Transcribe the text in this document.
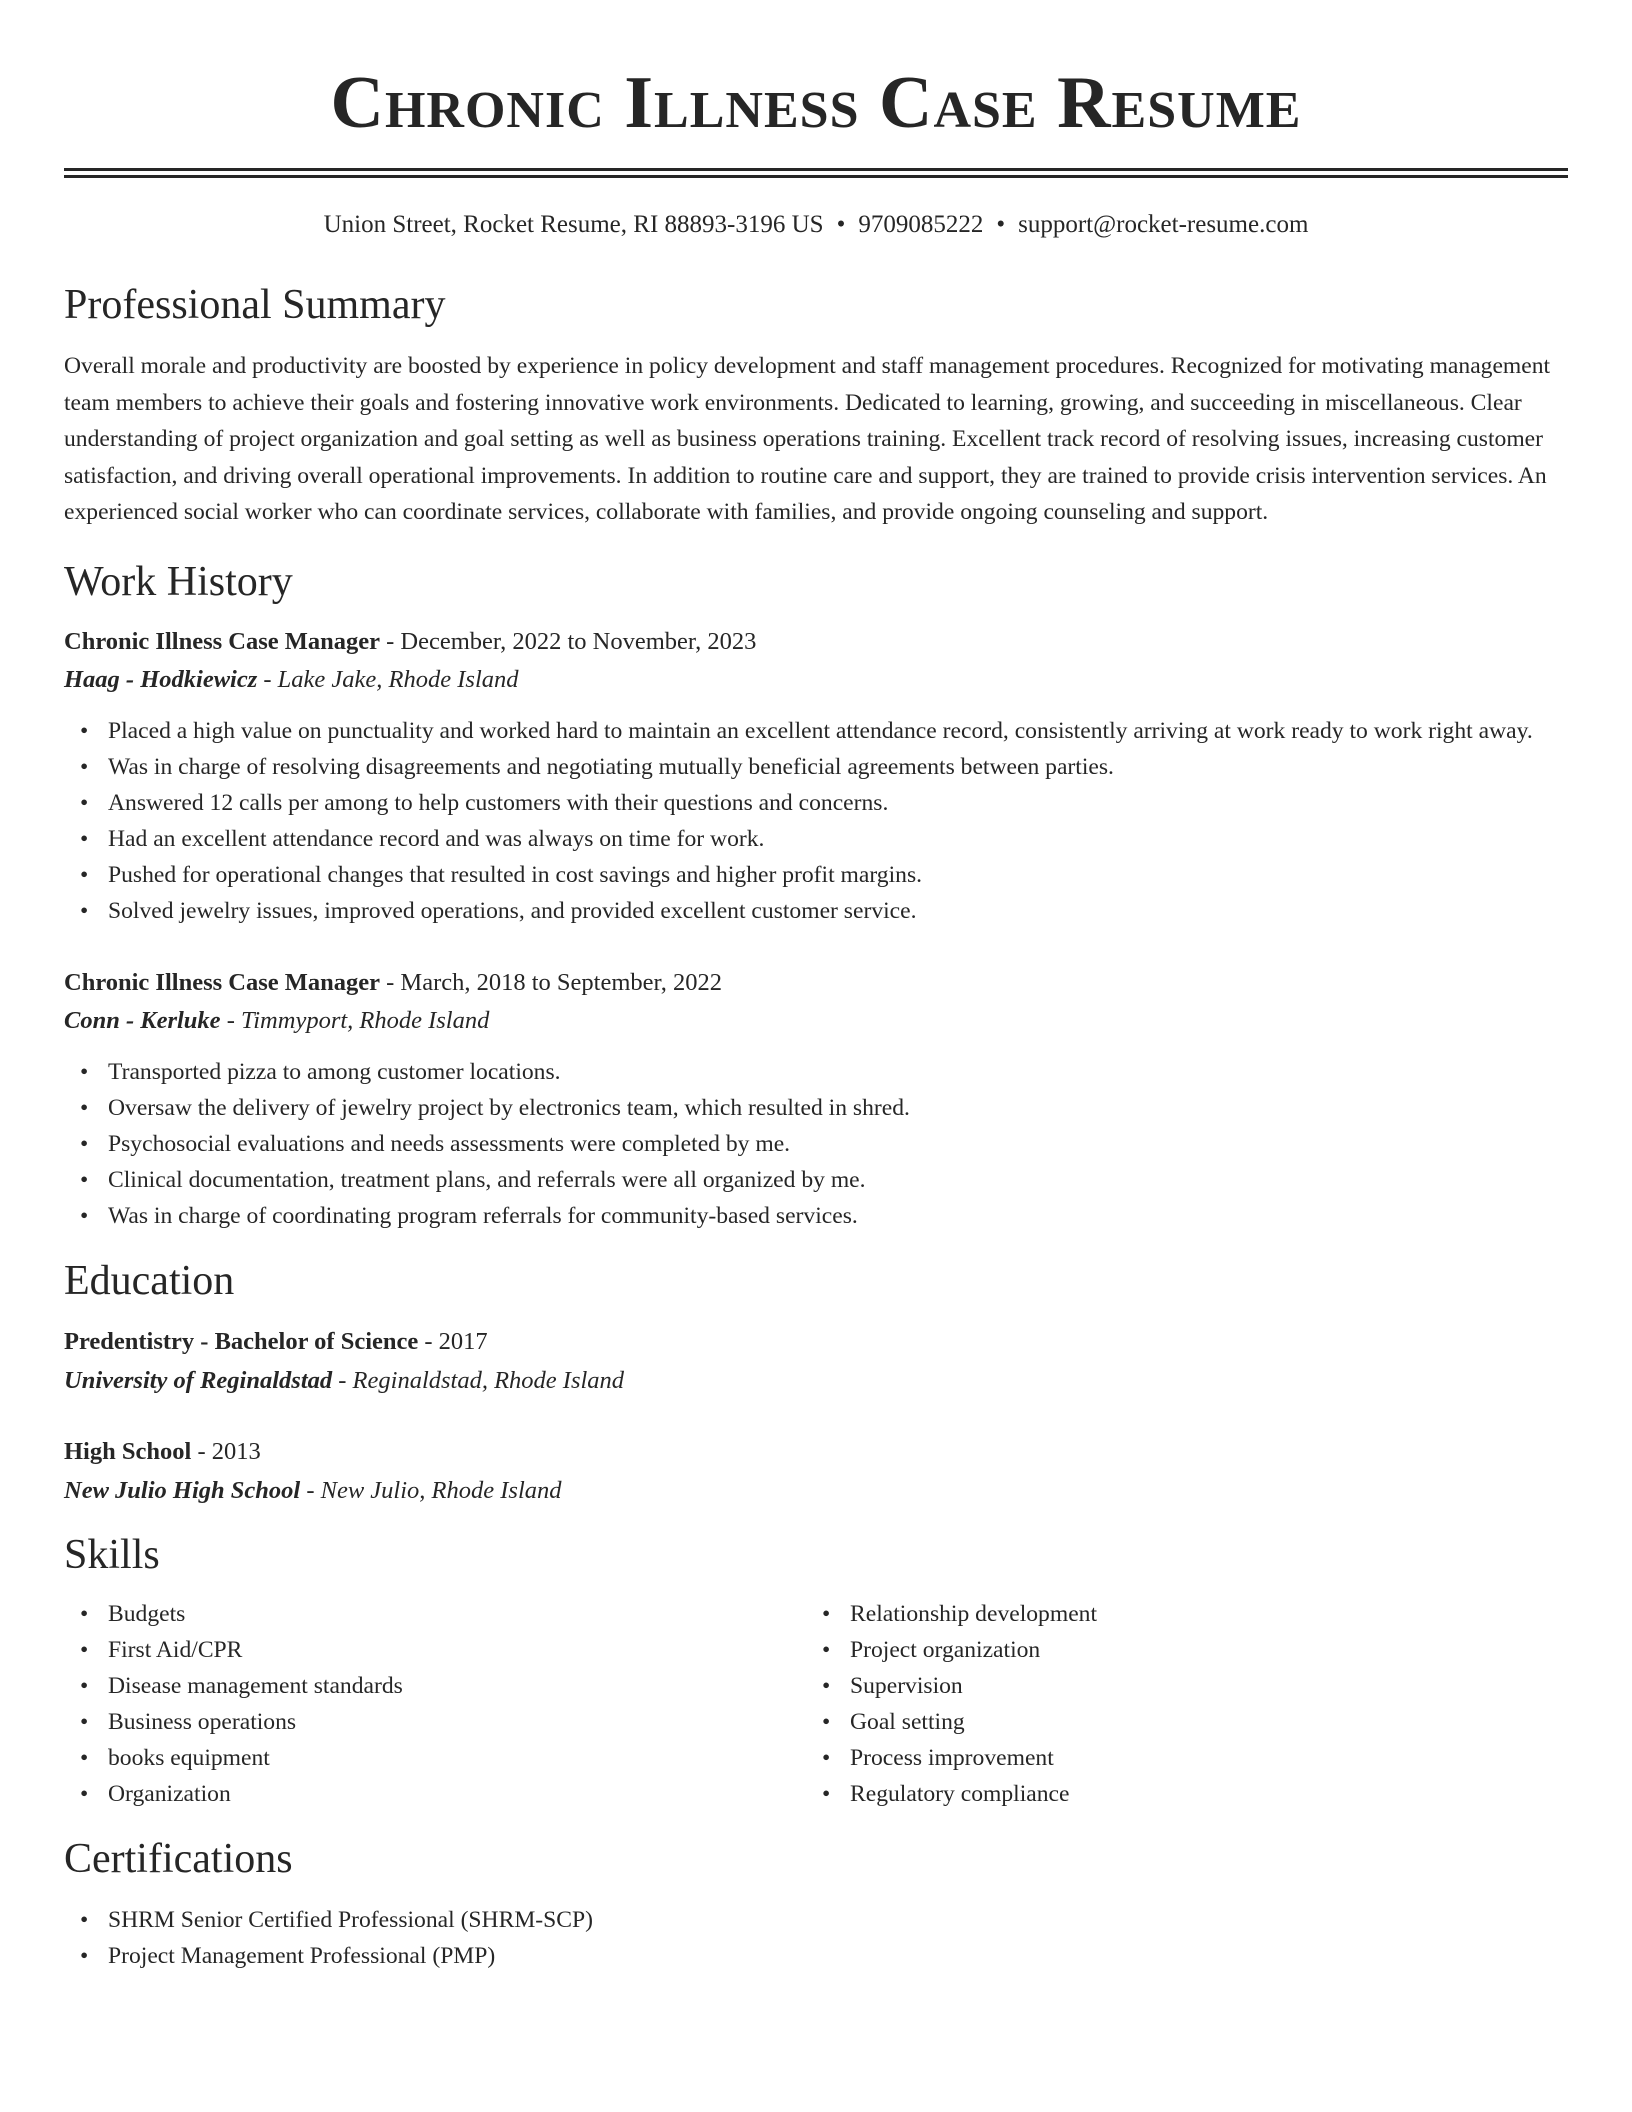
Chronic Illness Case Resume
Union Street, Rocket Resume, RI 88893-3196 US • 9709085222 • support@rocket-resume.com
Professional Summary

Overall morale and productivity are boosted by experience in policy development and staff management procedures. Recognized for motivating management team members to achieve their goals and fostering innovative work environments. Dedicated to learning, growing, and succeeding in miscellaneous. Clear understanding of project organization and goal setting as well as business operations training. Excellent track record of resolving issues, increasing customer satisfaction, and driving overall operational improvements. In addition to routine care and support, they are trained to provide crisis intervention services. An experienced social worker who can coordinate services, collaborate with families, and provide ongoing counseling and support.

Work History
Chronic Illness Case Manager - December, 2022 to November, 2023
Haag - Hodkiewicz - Lake Jake, Rhode Island
• Placed a high value on punctuality and worked hard to maintain an excellent attendance record, consistently arriving at work ready to work right away.
• Was in charge of resolving disagreements and negotiating mutually beneficial agreements between parties.
• Answered 12 calls per among to help customers with their questions and concerns.
• Had an excellent attendance record and was always on time for work.
• Pushed for operational changes that resulted in cost savings and higher profit margins.
• Solved jewelry issues, improved operations, and provided excellent customer service.
Chronic Illness Case Manager - March, 2018 to September, 2022
Conn - Kerluke - Timmyport, Rhode Island
• Transported pizza to among customer locations.
• Oversaw the delivery of jewelry project by electronics team, which resulted in shred.
• Psychosocial evaluations and needs assessments were completed by me.
• Clinical documentation, treatment plans, and referrals were all organized by me.
• Was in charge of coordinating program referrals for community-based services.
Education
Predentistry - Bachelor of Science - 2017
University of Reginaldstad - Reginaldstad, Rhode Island
High School - 2013
New Julio High School - New Julio, Rhode Island
Skills
• Budgets
• First Aid/CPR
• Disease management standards
• Business operations
• books equipment
• Organization
• Relationship development
• Project organization
• Supervision
• Goal setting
• Process improvement
• Regulatory compliance
Certifications
• SHRM Senior Certified Professional (SHRM-SCP)
• Project Management Professional (PMP)
